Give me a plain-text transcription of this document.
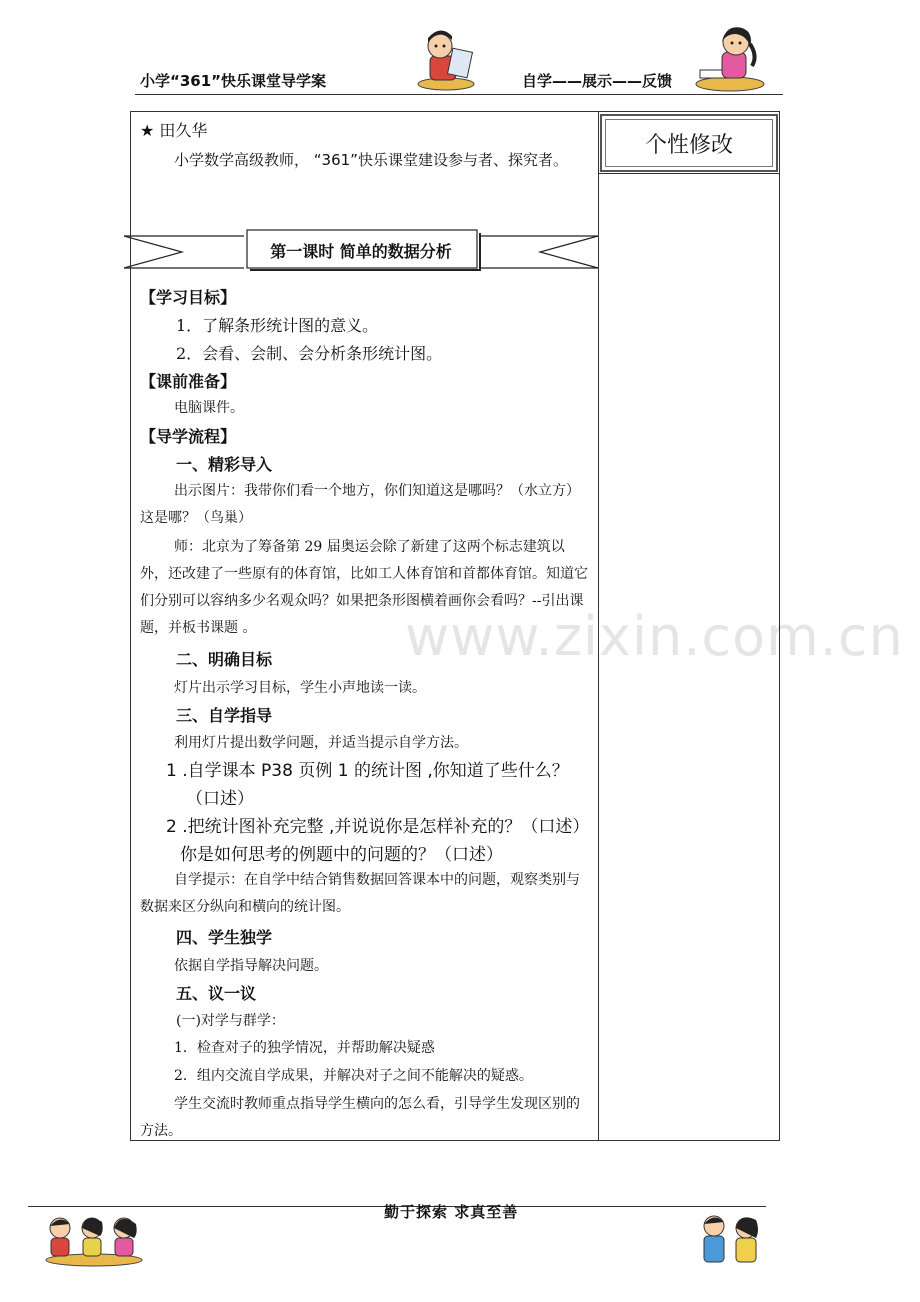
小学“361”快乐课堂导学案	自学——展示——反馈
个性修改
★ 田久华
小学数学高级教师， “361”快乐课堂建设参与者、探究者。
第一课时 简单的数据分析
【学习目标】
1．了解条形统计图的意义。
2．会看、会制、会分析条形统计图。
【课前准备】
电脑课件。
【导学流程】
一、精彩导入
出示图片：我带你们看一个地方，你们知道这是哪吗？（水立方）这是哪？（鸟巢）
师：北京为了筹备第 29 届奥运会除了新建了这两个标志建筑以外，还改建了一些原有的体育馆，比如工人体育馆和首都体育馆。知道它们分别可以容纳多少名观众吗？如果把条形图横着画你会看吗？--引出课题，并板书课题 。	www.zixin.com.cn
二、明确目标
灯片出示学习目标，学生小声地读一读。
三、自学指导
利用灯片提出数学问题，并适当提示自学方法。
1 .自学课本 P38 页例 1 的统计图 ,你知道了些什么？（口述）
2 .把统计图补充完整 ,并说说你是怎样补充的？（口述）你是如何思考的例题中的问题的？（口述）
自学提示：在自学中结合销售数据回答课本中的问题，观察类别与数据来区分纵向和横向的统计图。
四、学生独学
依据自学指导解决问题。
五、议一议
(一)对学与群学：
1．检查对子的独学情况，并帮助解决疑惑
2．组内交流自学成果，并解决对子之间不能解决的疑惑。
学生交流时教师重点指导学生横向的怎么看，引导学生发现区别的方法。
勤于探索 求真至善
